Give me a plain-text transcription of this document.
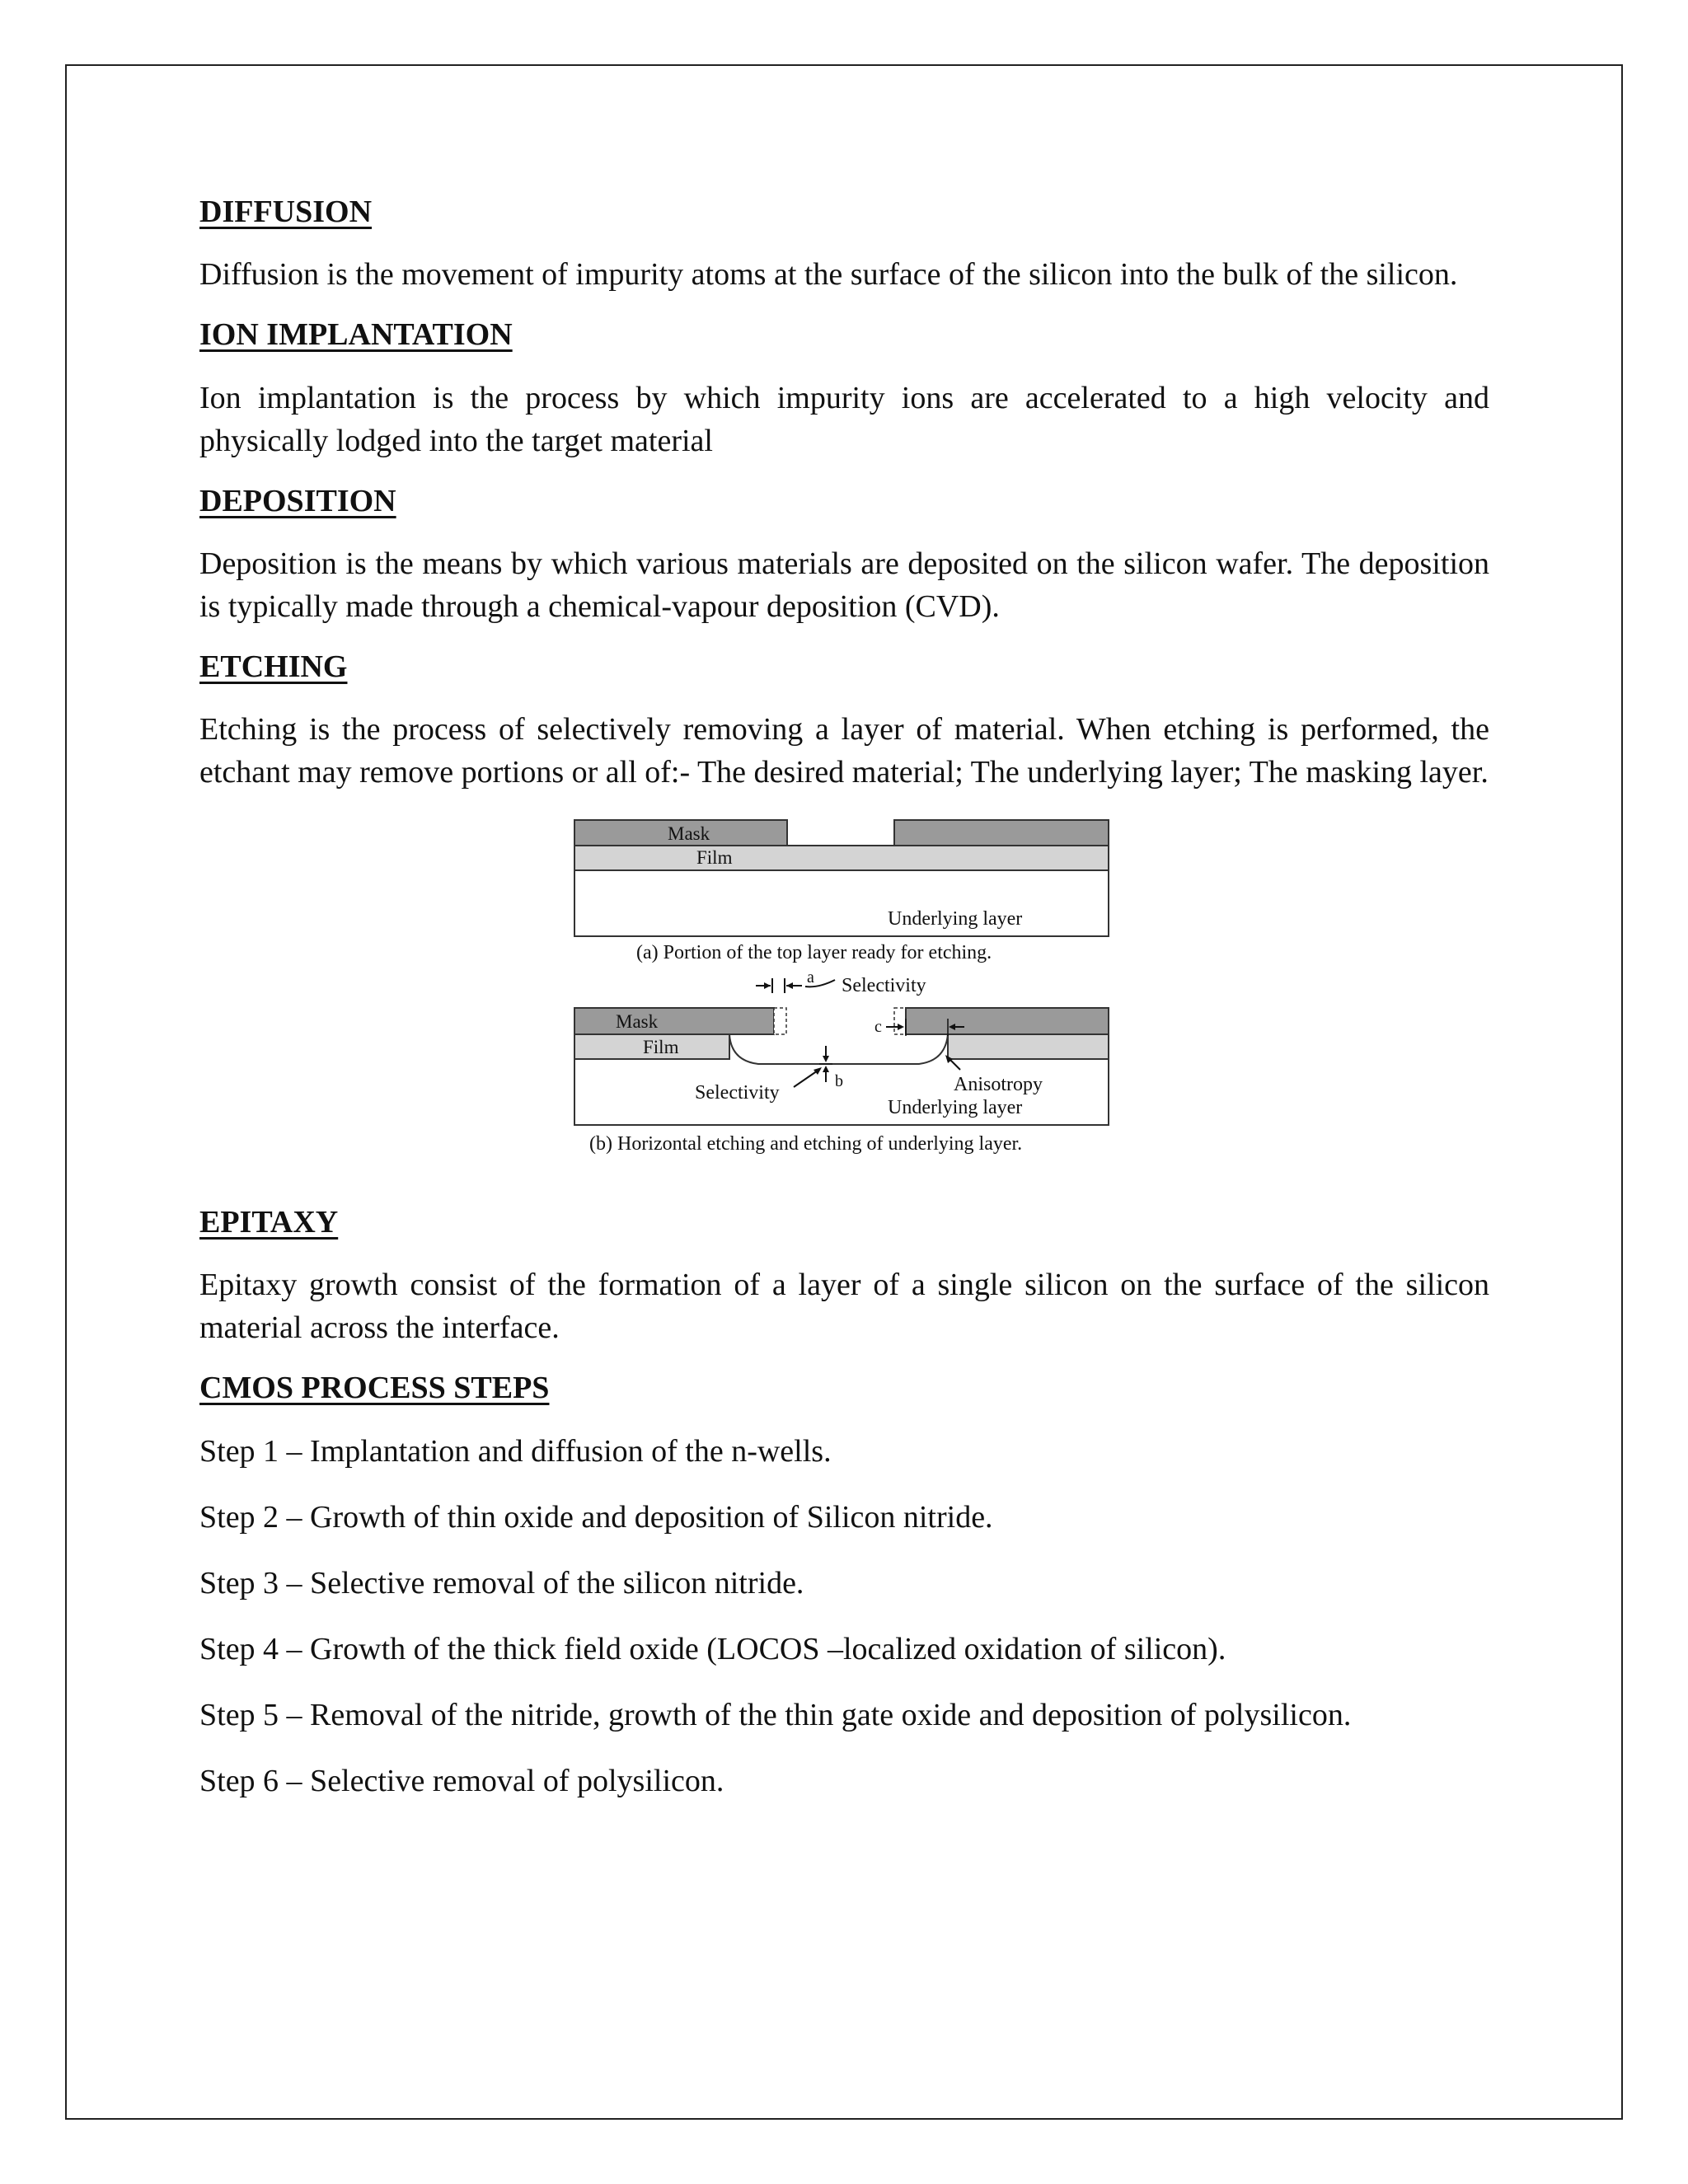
DIFFUSION

Diffusion is the movement of impurity atoms at the surface of the silicon into the bulk of the silicon.

ION IMPLANTATION

Ion implantation is the process by which impurity ions are accelerated to a high velocity and physically lodged into the target material

DEPOSITION

Deposition is the means by which various materials are deposited on the silicon wafer. The deposition is typically made through a chemical-vapour deposition (CVD).

ETCHING

Etching is the process of selectively removing a layer of material. When etching is performed, the etchant may remove portions or all of:- The desired material; The underlying layer; The masking layer.

Mask
Film
Underlying layer
(a) Portion of the top layer ready for etching.
a Selectivity
Mask
Film
b
Selectivity
c
Anisotropy
Underlying layer
(b) Horizontal etching and etching of underlying layer.
EPITAXY

Epitaxy growth consist of the formation of a layer of a single silicon on the surface of the silicon material across the interface.

CMOS PROCESS STEPS

Step 1 – Implantation and diffusion of the n-wells.

Step 2 – Growth of thin oxide and deposition of Silicon nitride.

Step 3 – Selective removal of the silicon nitride.

Step 4 – Growth of the thick field oxide (LOCOS –localized oxidation of silicon).

Step 5 – Removal of the nitride, growth of the thin gate oxide and deposition of polysilicon.

Step 6 – Selective removal of polysilicon.
